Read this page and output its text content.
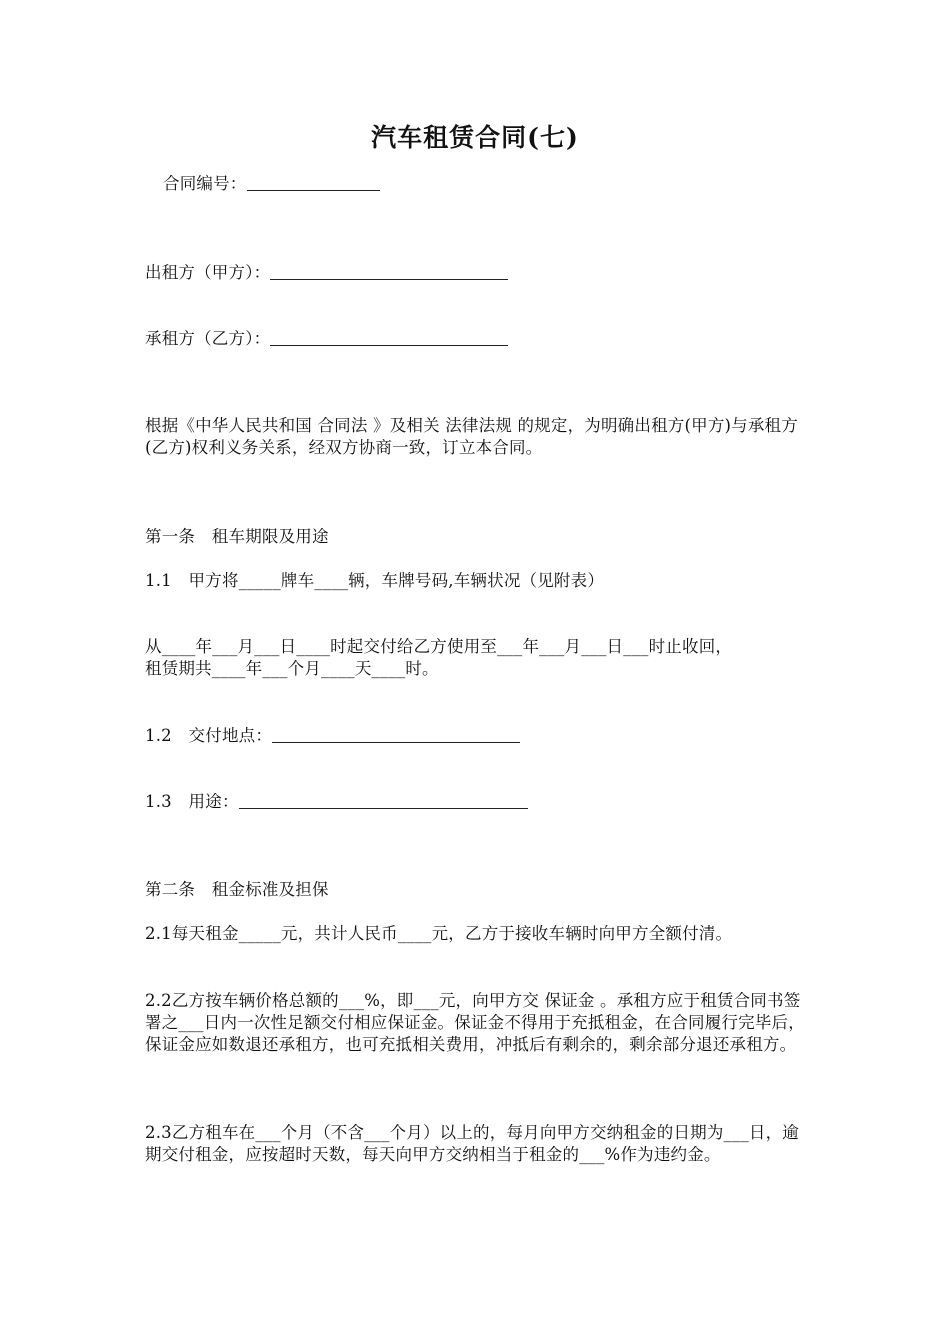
汽车租赁合同(七)
合同编号：
出租方（甲方）：
承租方（乙方）：
根据《中华人民共和国 合同法 》及相关 法律法规 的规定，为明确出租方(甲方)与承租方(乙方)权利义务关系，经双方协商一致，订立本合同。
第一条　租车期限及用途
1.1　甲方将_____牌车____辆，车牌号码,车辆状况（见附表）
从____年___月___日____时起交付给乙方使用至___年___月___日___时止收回，
租赁期共____年___个月____天____时。
1.2　交付地点：
1.3　用途：
第二条　租金标准及担保
2.1每天租金_____元，共计人民币____元，乙方于接收车辆时向甲方全额付清。
2.2乙方按车辆价格总额的___%，即___元，向甲方交 保证金 。承租方应于租赁合同书签署之___日内一次性足额交付相应保证金。保证金不得用于充抵租金，在合同履行完毕后，保证金应如数退还承租方，也可充抵相关费用，冲抵后有剩余的，剩余部分退还承租方。
2.3乙方租车在___个月（不含___个月）以上的，每月向甲方交纳租金的日期为___日，逾期交付租金，应按超时天数，每天向甲方交纳相当于租金的___%作为违约金。
